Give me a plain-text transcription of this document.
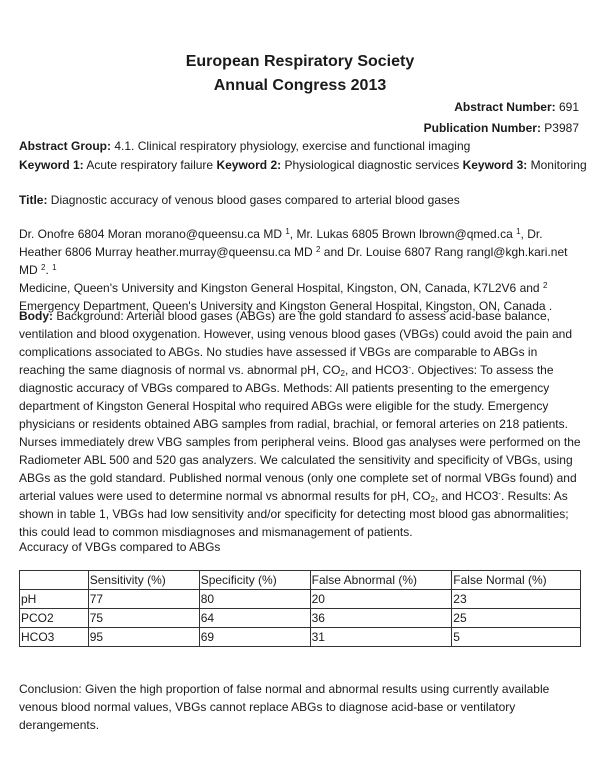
European Respiratory Society
Annual Congress 2013
Abstract Number: 691
Publication Number: P3987
Abstract Group: 4.1. Clinical respiratory physiology, exercise and functional imaging
Keyword 1: Acute respiratory failure Keyword 2: Physiological diagnostic services Keyword 3: Monitoring
Title: Diagnostic accuracy of venous blood gases compared to arterial blood gases

Dr. Onofre 6804 Moran morano@queensu.ca MD $^1$, Mr. Lukas 6805 Brown lbrown@qmed.ca $^1$, Dr. Heather 6806 Murray heather.murray@queensu.ca MD $^2$ and Dr. Louise 6807 Rang rangl@kgh.kari.net MD $^2$. $^1$
Medicine, Queen's University and Kingston General Hospital, Kingston, ON, Canada, K7L2V6 and $^2$
Emergency Department, Queen's University and Kingston General Hospital, Kingston, ON, Canada .

Body: Background: Arterial blood gases (ABGs) are the gold standard to assess acid-base balance, ventilation and blood oxygenation. However, using venous blood gases (VBGs) could avoid the pain and complications associated to ABGs. No studies have assessed if VBGs are comparable to ABGs in reaching the same diagnosis of normal vs. abnormal pH, $CO_2$, and HCO3-. Objectives: To assess the diagnostic accuracy of VBGs compared to ABGs. Methods: All patients presenting to the emergency department of Kingston General Hospital who required ABGs were eligible for the study. Emergency physicians or residents obtained ABG samples from radial, brachial, or femoral arteries on 218 patients. Nurses immediately drew VBG samples from peripheral veins. Blood gas analyses were performed on the Radiometer ABL 500 and 520 gas analyzers. We calculated the sensitivity and specificity of VBGs, using ABGs as the gold standard. Published normal venous (only one complete set of normal VBGs found) and arterial values were used to determine normal vs abnormal results for pH, $CO_2$, and HCO3-. Results: As shown in table 1, VBGs had low sensitivity and/or specificity for detecting most blood gas abnormalities; this could lead to common misdiagnoses and mismanagement of patients.

Accuracy of VBGs compared to ABGs
	Sensitivity (%)	Specificity (%)	False Abnormal (%)	False Normal (%)
pH	77	80	20	23
PCO2	75	64	36	25
HCO3	95	69	31	5
Conclusion: Given the high proportion of false normal and abnormal results using currently available venous blood normal values, VBGs cannot replace ABGs to diagnose acid-base or ventilatory derangements.
